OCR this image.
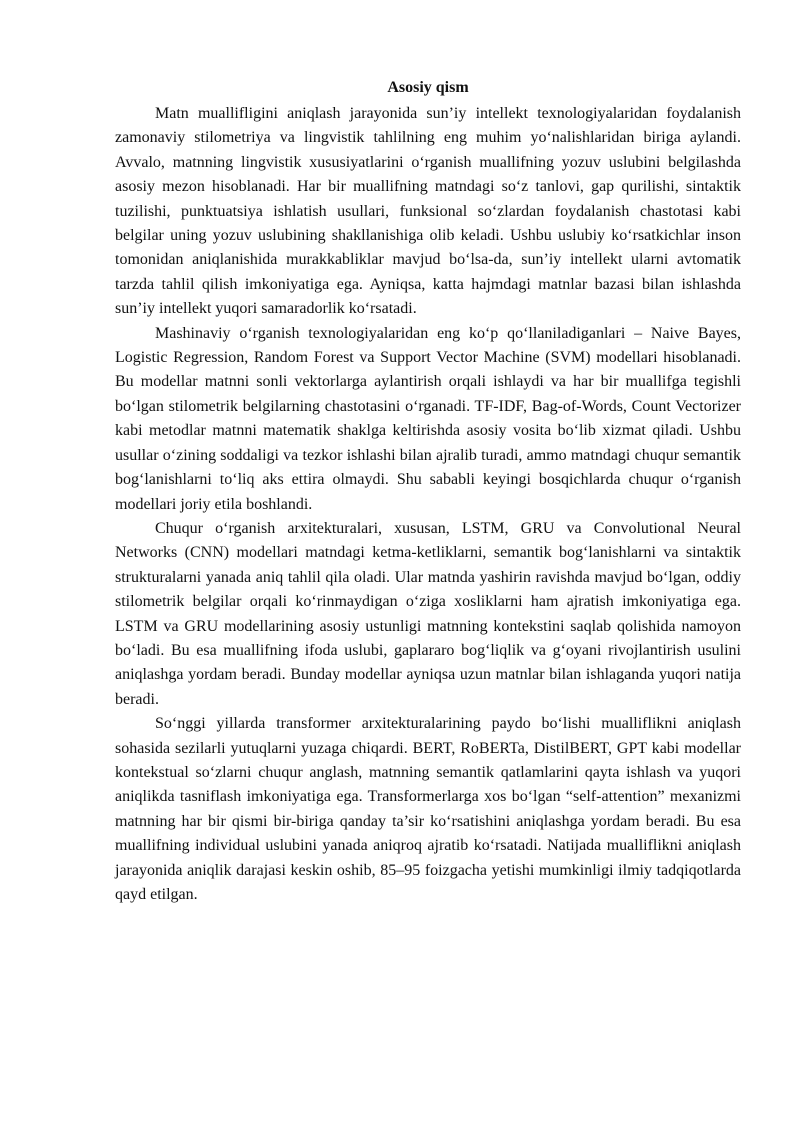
Asosiy qism

Matn muallifligini aniqlash jarayonida sun’iy intellekt texnologiyalaridan foydalanish zamonaviy stilometriya va lingvistik tahlilning eng muhim yo‘nalishlaridan biriga aylandi. Avvalo, matnning lingvistik xususiyatlarini o‘rganish muallifning yozuv uslubini belgilashda asosiy mezon hisoblanadi. Har bir muallifning matndagi so‘z tanlovi, gap qurilishi, sintaktik tuzilishi, punktuatsiya ishlatish usullari, funksional so‘zlardan foydalanish chastotasi kabi belgilar uning yozuv uslubining shakllanishiga olib keladi. Ushbu uslubiy ko‘rsatkichlar inson tomonidan aniqlanishida murakkabliklar mavjud bo‘lsa-da, sun’iy intellekt ularni avtomatik tarzda tahlil qilish imkoniyatiga ega. Ayniqsa, katta hajmdagi matnlar bazasi bilan ishlashda sun’iy intellekt yuqori samaradorlik ko‘rsatadi.

Mashinaviy o‘rganish texnologiyalaridan eng ko‘p qo‘llaniladiganlari – Naive Bayes, Logistic Regression, Random Forest va Support Vector Machine (SVM) modellari hisoblanadi. Bu modellar matnni sonli vektorlarga aylantirish orqali ishlaydi va har bir muallifga tegishli bo‘lgan stilometrik belgilarning chastotasini o‘rganadi. TF-IDF, Bag-of-Words, Count Vectorizer kabi metodlar matnni matematik shaklga keltirishda asosiy vosita bo‘lib xizmat qiladi. Ushbu usullar o‘zining soddaligi va tezkor ishlashi bilan ajralib turadi, ammo matndagi chuqur semantik bog‘lanishlarni to‘liq aks ettira olmaydi. Shu sababli keyingi bosqichlarda chuqur o‘rganish modellari joriy etila boshlandi.

Chuqur o‘rganish arxitekturalari, xususan, LSTM, GRU va Convolutional Neural Networks (CNN) modellari matndagi ketma-ketliklarni, semantik bog‘lanishlarni va sintaktik strukturalarni yanada aniq tahlil qila oladi. Ular matnda yashirin ravishda mavjud bo‘lgan, oddiy stilometrik belgilar orqali ko‘rinmaydigan o‘ziga xosliklarni ham ajratish imkoniyatiga ega. LSTM va GRU modellarining asosiy ustunligi matnning kontekstini saqlab qolishida namoyon bo‘ladi. Bu esa muallifning ifoda uslubi, gaplararo bog‘liqlik va g‘oyani rivojlantirish usulini aniqlashga yordam beradi. Bunday modellar ayniqsa uzun matnlar bilan ishlaganda yuqori natija beradi.

So‘nggi yillarda transformer arxitekturalarining paydo bo‘lishi mualliflikni aniqlash sohasida sezilarli yutuqlarni yuzaga chiqardi. BERT, RoBERTa, DistilBERT, GPT kabi modellar kontekstual so‘zlarni chuqur anglash, matnning semantik qatlamlarini qayta ishlash va yuqori aniqlikda tasniflash imkoniyatiga ega. Transformerlarga xos bo‘lgan “self-attention” mexanizmi matnning har bir qismi bir-biriga qanday ta’sir ko‘rsatishini aniqlashga yordam beradi. Bu esa muallifning individual uslubini yanada aniqroq ajratib ko‘rsatadi. Natijada mualliflikni aniqlash jarayonida aniqlik darajasi keskin oshib, 85–95 foizgacha yetishi mumkinligi ilmiy tadqiqotlarda qayd etilgan.
